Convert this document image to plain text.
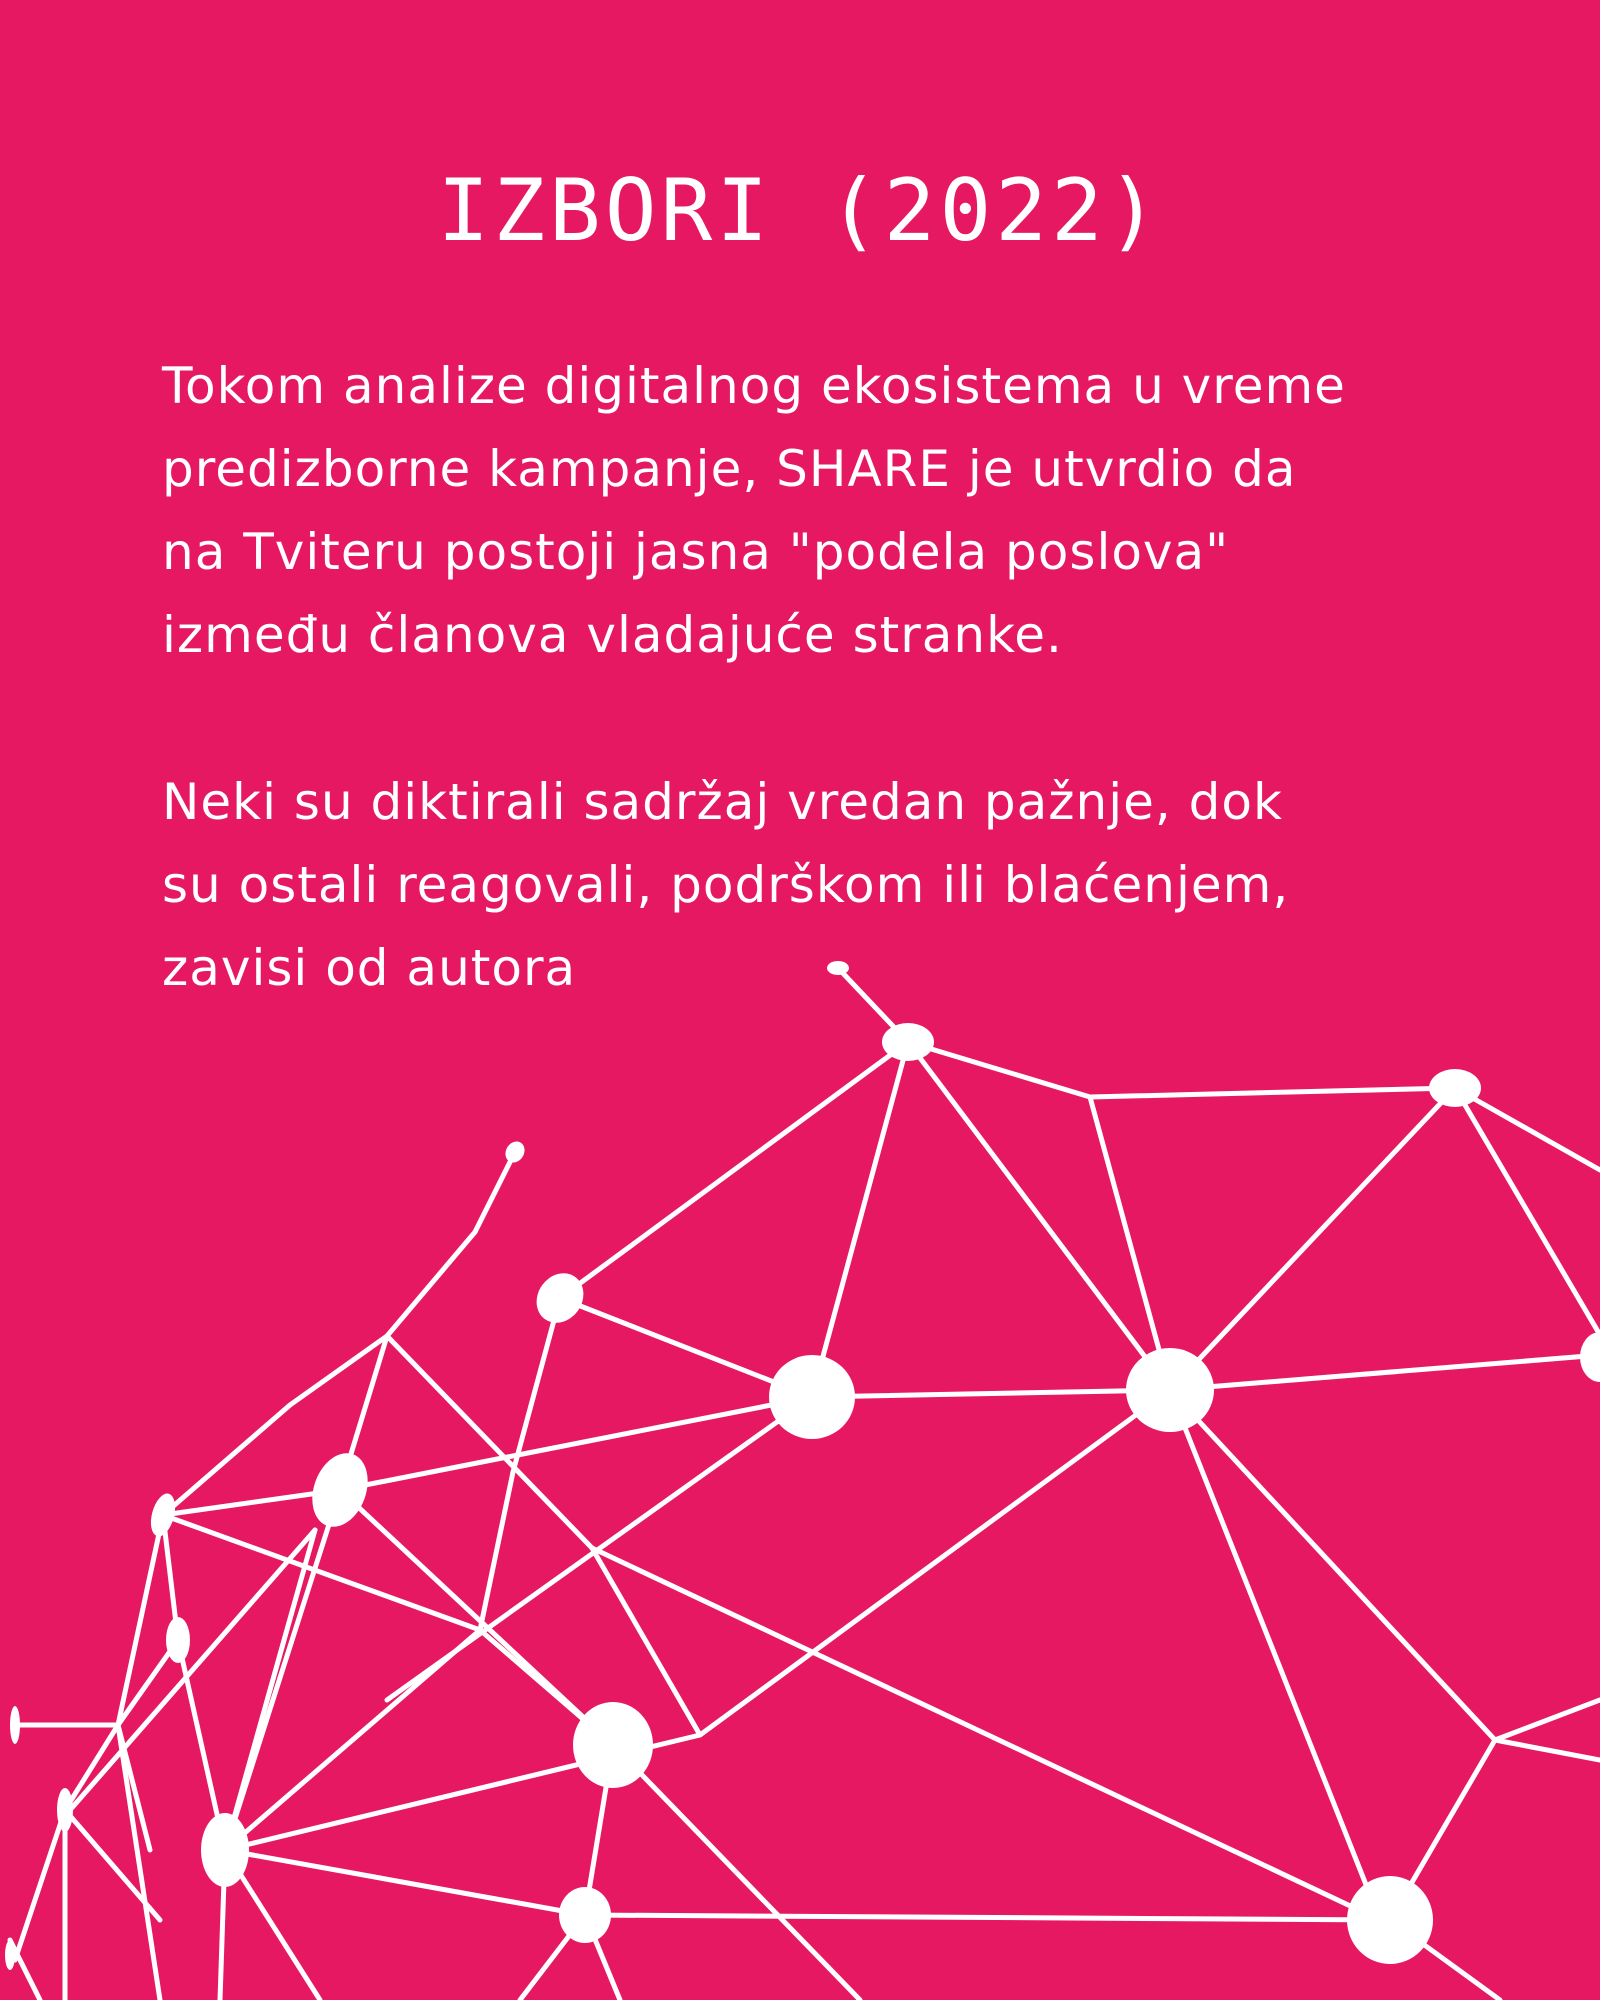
IZBORI (2022)

Tokom analize digitalnog ekosistema u vreme
predizborne kampanje, SHARE je utvrdio da
na Tviteru postoji jasna "podela poslova"
između članova vladajuće stranke.

Neki su diktirali sadržaj vredan pažnje, dok
su ostali reagovali, podrškom ili blaćenjem,
zavisi od autora
